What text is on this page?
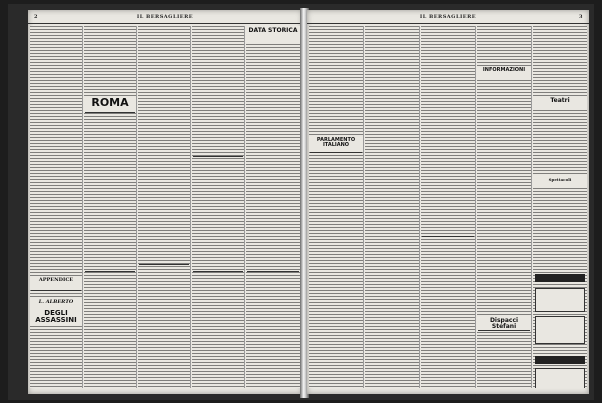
2	IL BERSAGLIERE
APPENDICE
L. ALBERTO
DEGLI ASSASSINI
ROMA
DATA STORICA
IL BERSAGLIERE	3
PARLAMENTO ITALIANO
INFORMAZIONI
Dispacci Stefani
Teatri
Spettacoli
